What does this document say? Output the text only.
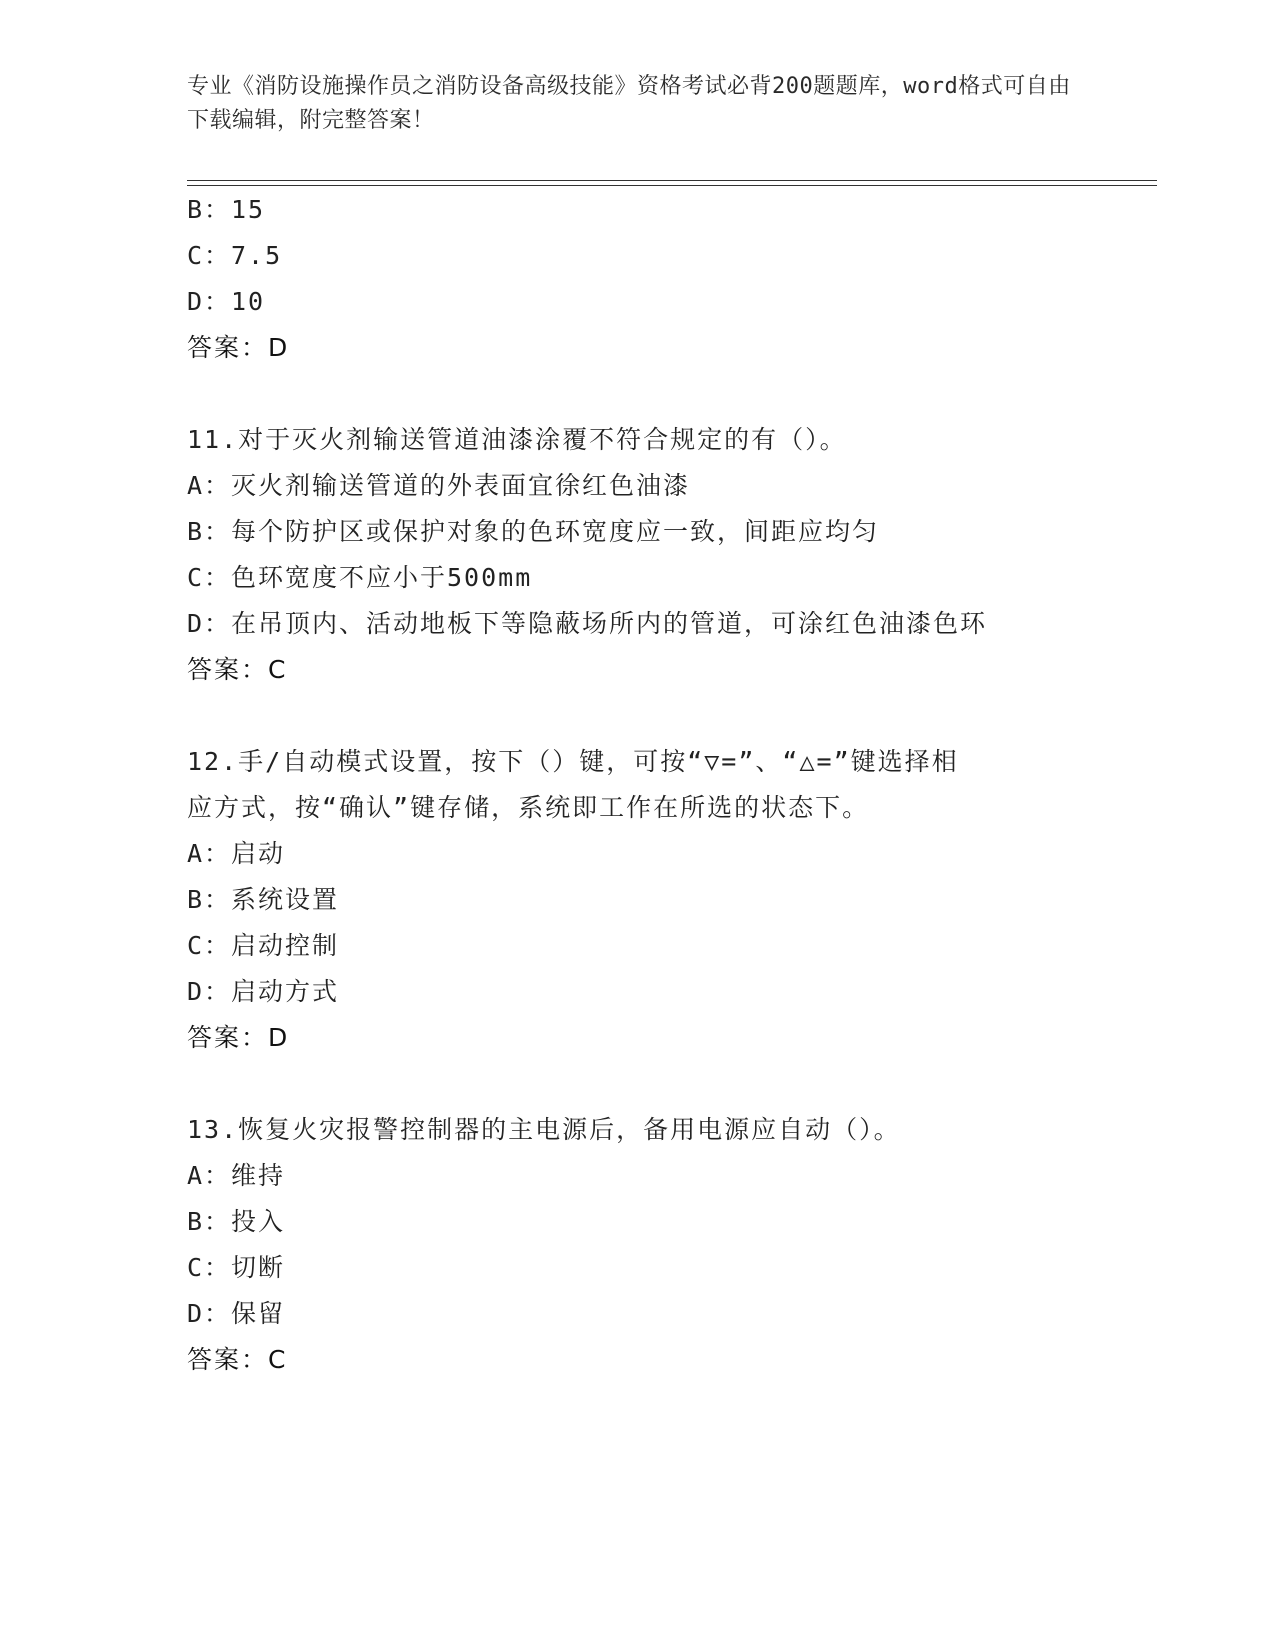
专业《消防设施操作员之消防设备高级技能》资格考试必背200题题库，word格式可自由下载编辑，附完整答案！
B：15
C：7.5
D：10
答案：D
11.对于灭火剂输送管道油漆涂覆不符合规定的有（）。
A：灭火剂输送管道的外表面宜徐红色油漆
B：每个防护区或保护对象的色环宽度应一致，间距应均匀
C：色环宽度不应小于500mm
D：在吊顶内、活动地板下等隐蔽场所内的管道，可涂红色油漆色环
答案：C
12.手/自动模式设置，按下（）键，可按“▽=”、“△=”键选择相
应方式，按“确认”键存储，系统即工作在所选的状态下。
A：启动
B：系统设置
C：启动控制
D：启动方式
答案：D
13.恢复火灾报警控制器的主电源后，备用电源应自动（）。
A：维持
B：投入
C：切断
D：保留
答案：C
